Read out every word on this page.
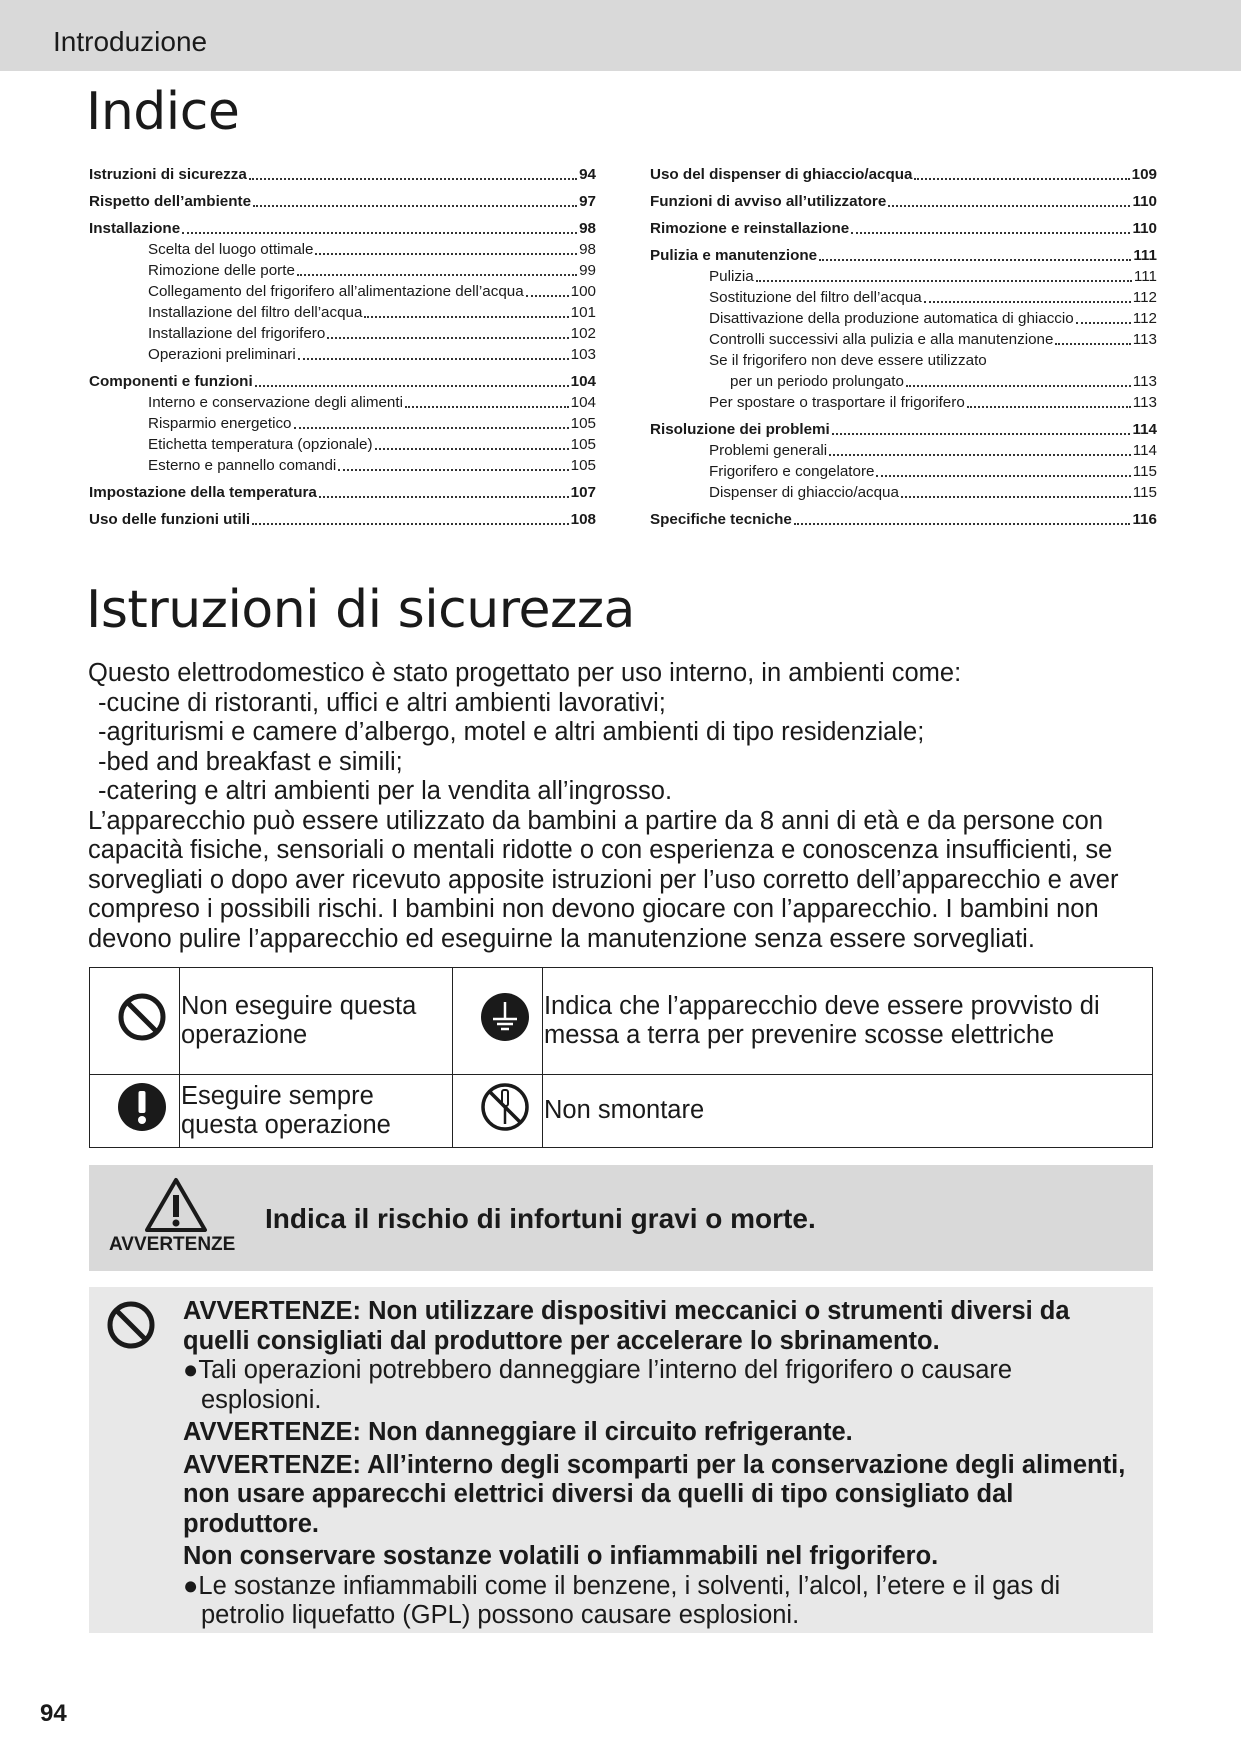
Introduzione
Indice
Istruzioni di sicurezza	94
Rispetto dell’ambiente	97
Installazione	98
Scelta del luogo ottimale	98
Rimozione delle porte	99
Collegamento del frigorifero all’alimentazione dell’acqua	100
Installazione del filtro dell’acqua	101
Installazione del frigorifero	102
Operazioni preliminari	103
Componenti e funzioni	104
Interno e conservazione degli alimenti	104
Risparmio energetico	105
Etichetta temperatura (opzionale)	105
Esterno e pannello comandi	105
Impostazione della temperatura	107
Uso delle funzioni utili	108
Uso del dispenser di ghiaccio/acqua	109
Funzioni di avviso all’utilizzatore	110
Rimozione e reinstallazione	110
Pulizia e manutenzione	111
Pulizia	111
Sostituzione del filtro dell’acqua	112
Disattivazione della produzione automatica di ghiaccio	112
Controlli successivi alla pulizia e alla manutenzione	113
Se il frigorifero non deve essere utilizzato
per un periodo prolungato	113
Per spostare o trasportare il frigorifero	113
Risoluzione dei problemi	114
Problemi generali	114
Frigorifero e congelatore	115
Dispenser di ghiaccio/acqua	115
Specifiche tecniche	116
Istruzioni di sicurezza
Questo elettrodomestico è stato progettato per uso interno, in ambienti come:
-cucine di ristoranti, uffici e altri ambienti lavorativi;
-agriturismi e camere d’albergo, motel e altri ambienti di tipo residenziale;
-bed and breakfast e simili;
-catering e altri ambienti per la vendita all’ingrosso.
L’apparecchio può essere utilizzato da bambini a partire da 8 anni di età e da persone con capacità fisiche, sensoriali o mentali ridotte o con esperienza e conoscenza insufficienti, se sorvegliati o dopo aver ricevuto apposite istruzioni per l’uso corretto dell’apparecchio e aver compreso i possibili rischi. I bambini non devono giocare con l’apparecchio. I bambini non devono pulire l’apparecchio ed eseguirne la manutenzione senza essere sorvegliati.
	Non eseguire questa operazione		Indica che l’apparecchio deve essere provvisto di messa a terra per prevenire scosse elettriche
	Eseguire sempre questa operazione		Non smontare
AVVERTENZE
Indica il rischio di infortuni gravi o morte.
AVVERTENZE: Non utilizzare dispositivi meccanici o strumenti diversi da quelli consigliati dal produttore per accelerare lo sbrinamento.
●Tali operazioni potrebbero danneggiare l’interno del frigorifero o causare esplosioni.
AVVERTENZE: Non danneggiare il circuito refrigerante.
AVVERTENZE: All’interno degli scomparti per la conservazione degli alimenti, non usare apparecchi elettrici diversi da quelli di tipo consigliato dal produttore.
Non conservare sostanze volatili o infiammabili nel frigorifero.
●Le sostanze infiammabili come il benzene, i solventi, l’alcol, l’etere e il gas di petrolio liquefatto (GPL) possono causare esplosioni.
94
